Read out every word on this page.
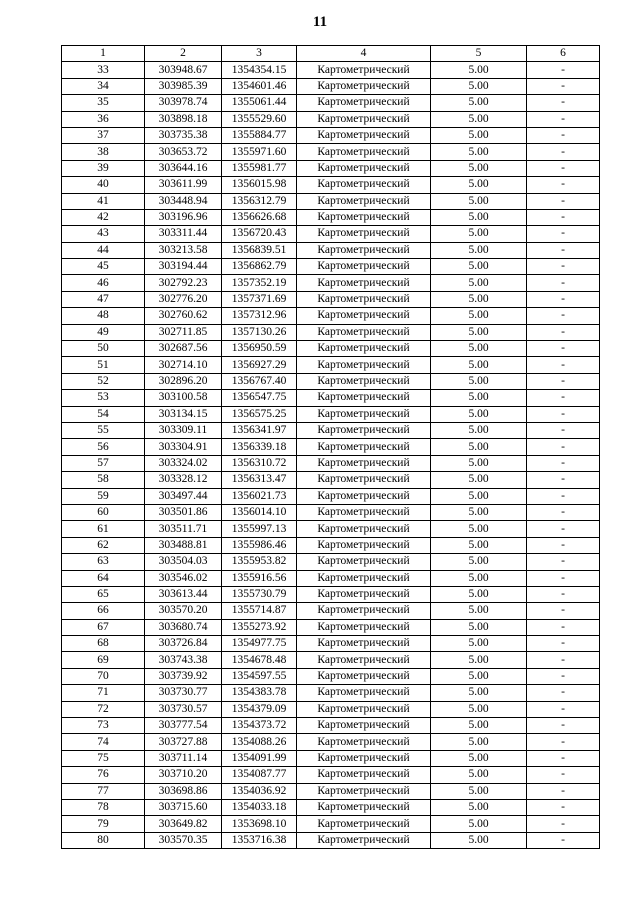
11
1	2	3	4	5	6
33	303948.67	1354354.15	Картометрический	5.00	-
34	303985.39	1354601.46	Картометрический	5.00	-
35	303978.74	1355061.44	Картометрический	5.00	-
36	303898.18	1355529.60	Картометрический	5.00	-
37	303735.38	1355884.77	Картометрический	5.00	-
38	303653.72	1355971.60	Картометрический	5.00	-
39	303644.16	1355981.77	Картометрический	5.00	-
40	303611.99	1356015.98	Картометрический	5.00	-
41	303448.94	1356312.79	Картометрический	5.00	-
42	303196.96	1356626.68	Картометрический	5.00	-
43	303311.44	1356720.43	Картометрический	5.00	-
44	303213.58	1356839.51	Картометрический	5.00	-
45	303194.44	1356862.79	Картометрический	5.00	-
46	302792.23	1357352.19	Картометрический	5.00	-
47	302776.20	1357371.69	Картометрический	5.00	-
48	302760.62	1357312.96	Картометрический	5.00	-
49	302711.85	1357130.26	Картометрический	5.00	-
50	302687.56	1356950.59	Картометрический	5.00	-
51	302714.10	1356927.29	Картометрический	5.00	-
52	302896.20	1356767.40	Картометрический	5.00	-
53	303100.58	1356547.75	Картометрический	5.00	-
54	303134.15	1356575.25	Картометрический	5.00	-
55	303309.11	1356341.97	Картометрический	5.00	-
56	303304.91	1356339.18	Картометрический	5.00	-
57	303324.02	1356310.72	Картометрический	5.00	-
58	303328.12	1356313.47	Картометрический	5.00	-
59	303497.44	1356021.73	Картометрический	5.00	-
60	303501.86	1356014.10	Картометрический	5.00	-
61	303511.71	1355997.13	Картометрический	5.00	-
62	303488.81	1355986.46	Картометрический	5.00	-
63	303504.03	1355953.82	Картометрический	5.00	-
64	303546.02	1355916.56	Картометрический	5.00	-
65	303613.44	1355730.79	Картометрический	5.00	-
66	303570.20	1355714.87	Картометрический	5.00	-
67	303680.74	1355273.92	Картометрический	5.00	-
68	303726.84	1354977.75	Картометрический	5.00	-
69	303743.38	1354678.48	Картометрический	5.00	-
70	303739.92	1354597.55	Картометрический	5.00	-
71	303730.77	1354383.78	Картометрический	5.00	-
72	303730.57	1354379.09	Картометрический	5.00	-
73	303777.54	1354373.72	Картометрический	5.00	-
74	303727.88	1354088.26	Картометрический	5.00	-
75	303711.14	1354091.99	Картометрический	5.00	-
76	303710.20	1354087.77	Картометрический	5.00	-
77	303698.86	1354036.92	Картометрический	5.00	-
78	303715.60	1354033.18	Картометрический	5.00	-
79	303649.82	1353698.10	Картометрический	5.00	-
80	303570.35	1353716.38	Картометрический	5.00	-
